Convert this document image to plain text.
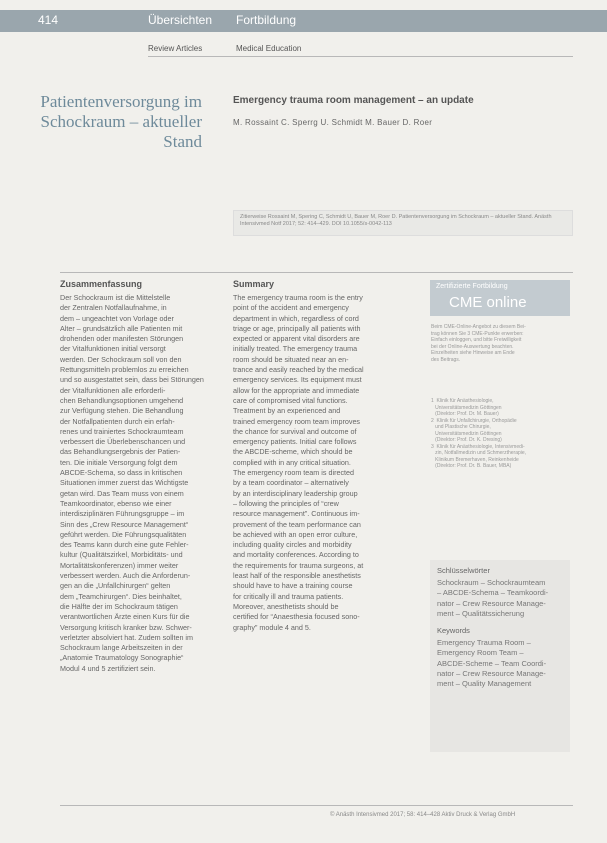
414	Übersichten Fortbildung
Review Articles	Medical Education
Patientenversorgung im
Schockraum – aktueller
Stand
Emergency trauma room management – an update
M. Rossaint C. Sperrg U. Schmidt M. Bauer D. Roer
Zitierweise Rossaint M, Spering C, Schmidt U, Bauer M, Roer D. Patientenversorgung im Schockraum – aktueller Stand. Anästh Intensivmed Notf 2017; 52: 414–429. DOI 10.1055/s-0042-113
Zusammenfassung
Der Schockraum ist die Mittelstelle
der Zentralen Notfallaufnahme, in
dem – ungeachtet von Vorlage oder
Alter – grundsätzlich alle Patienten mit
drohenden oder manifesten Störungen
der Vitalfunktionen initial versorgt
werden. Der Schockraum soll von den
Rettungsmitteln problemlos zu erreichen
und so ausgestattet sein, dass bei Störungen
der Vitalfunktionen alle erforderli-
chen Behandlungsoptionen umgehend
zur Verfügung stehen. Die Behandlung
der Notfallpatienten durch ein erfah-
renes und trainiertes Schockraumteam
verbessert die Überlebenschancen und
das Behandlungsergebnis der Patien-
ten. Die initiale Versorgung folgt dem
ABCDE-Schema, so dass in kritischen
Situationen immer zuerst das Wichtigste
getan wird. Das Team muss von einem
Teamkoordinator, ebenso wie einer
interdisziplinären Führungsgruppe – im
Sinn des „Crew Resource Management“
geführt werden. Die Führungsqualitäten
des Teams kann durch eine gute Fehler-
kultur (Qualitätszirkel, Morbiditäts- und
Mortalitätskonferenzen) immer weiter
verbessert werden. Auch die Anforderun-
gen an die „Unfallchirurgen“ gelten
dem „Teamchirurgen“. Dies beinhaltet,
die Hälfte der im Schockraum tätigen
verantwortlichen Ärzte einen Kurs für die
Versorgung kritisch kranker bzw. Schwer-
verletzter absolviert hat. Zudem sollten im
Schockraum lange Arbeitszeiten in der
„Anatomie Traumatology Sonographie“
Modul 4 und 5 zertifiziert sein.
Summary
The emergency trauma room is the entry
point of the accident and emergency
department in which, regardless of cord
triage or age, principally all patients with
expected or apparent vital disorders are
initially treated. The emergency trauma
room should be situated near an en-
trance and easily reached by the medical
emergency services. Its equipment must
allow for the appropriate and immediate
care of compromised vital functions.
Treatment by an experienced and
trained emergency room team improves
the chance for survival and outcome of
emergency patients. Initial care follows
the ABCDE-scheme, which should be
complied with in any critical situation.
The emergency room team is directed
by a team coordinator – alternatively
by an interdisciplinary leadership group
– following the principles of “crew
resource management”. Continuous im-
provement of the team performance can
be achieved with an open error culture,
including quality circles and morbidity
and mortality conferences. According to
the requirements for trauma surgeons, at
least half of the responsible anesthetists
should have to have a training course
for critically ill and trauma patients.
Moreover, anesthetists should be
certified for “Anaesthesia focused sono-
graphy” module 4 and 5.
Zertifizierte Fortbildung
CME online
Beim CME-Online-Angebot zu diesem Bei-
trag können Sie 3 CME-Punkte erwerben:
Einfach einloggen, und bitte Freiwilligkeit
bei der Online-Auswertung beachten.
Einzelheiten siehe Hinweise am Ende
des Beitrags.
1  Klinik für Anästhesiologie,
Universitätsmedizin Göttingen
(Direktor: Prof. Dr. M. Bauer)
2  Klinik für Unfallchirurgie, Orthopädie
und Plastische Chirurgie,
Universitätsmedizin Göttingen
(Direktor: Prof. Dr. K. Dresing)
3  Klinik für Anästhesiologie, Intensivmedi-
zin, Notfallmedizin und Schmerztherapie,
Klinikum Bremerhaven, Reinkenheide
(Direktor: Prof. Dr. B. Bauer, MBA)
Schlüsselwörter
Schockraum – Schockraumteam
– ABCDE-Schema – Teamkoordi-
nator – Crew Resource Manage-
ment – Qualitätssicherung
Keywords
Emergency Trauma Room –
Emergency Room Team –
ABCDE-Scheme – Team Coordi-
nator – Crew Resource Manage-
ment – Quality Management
© Anästh Intensivmed 2017; 58: 414–428 Aktiv Druck & Verlag GmbH
